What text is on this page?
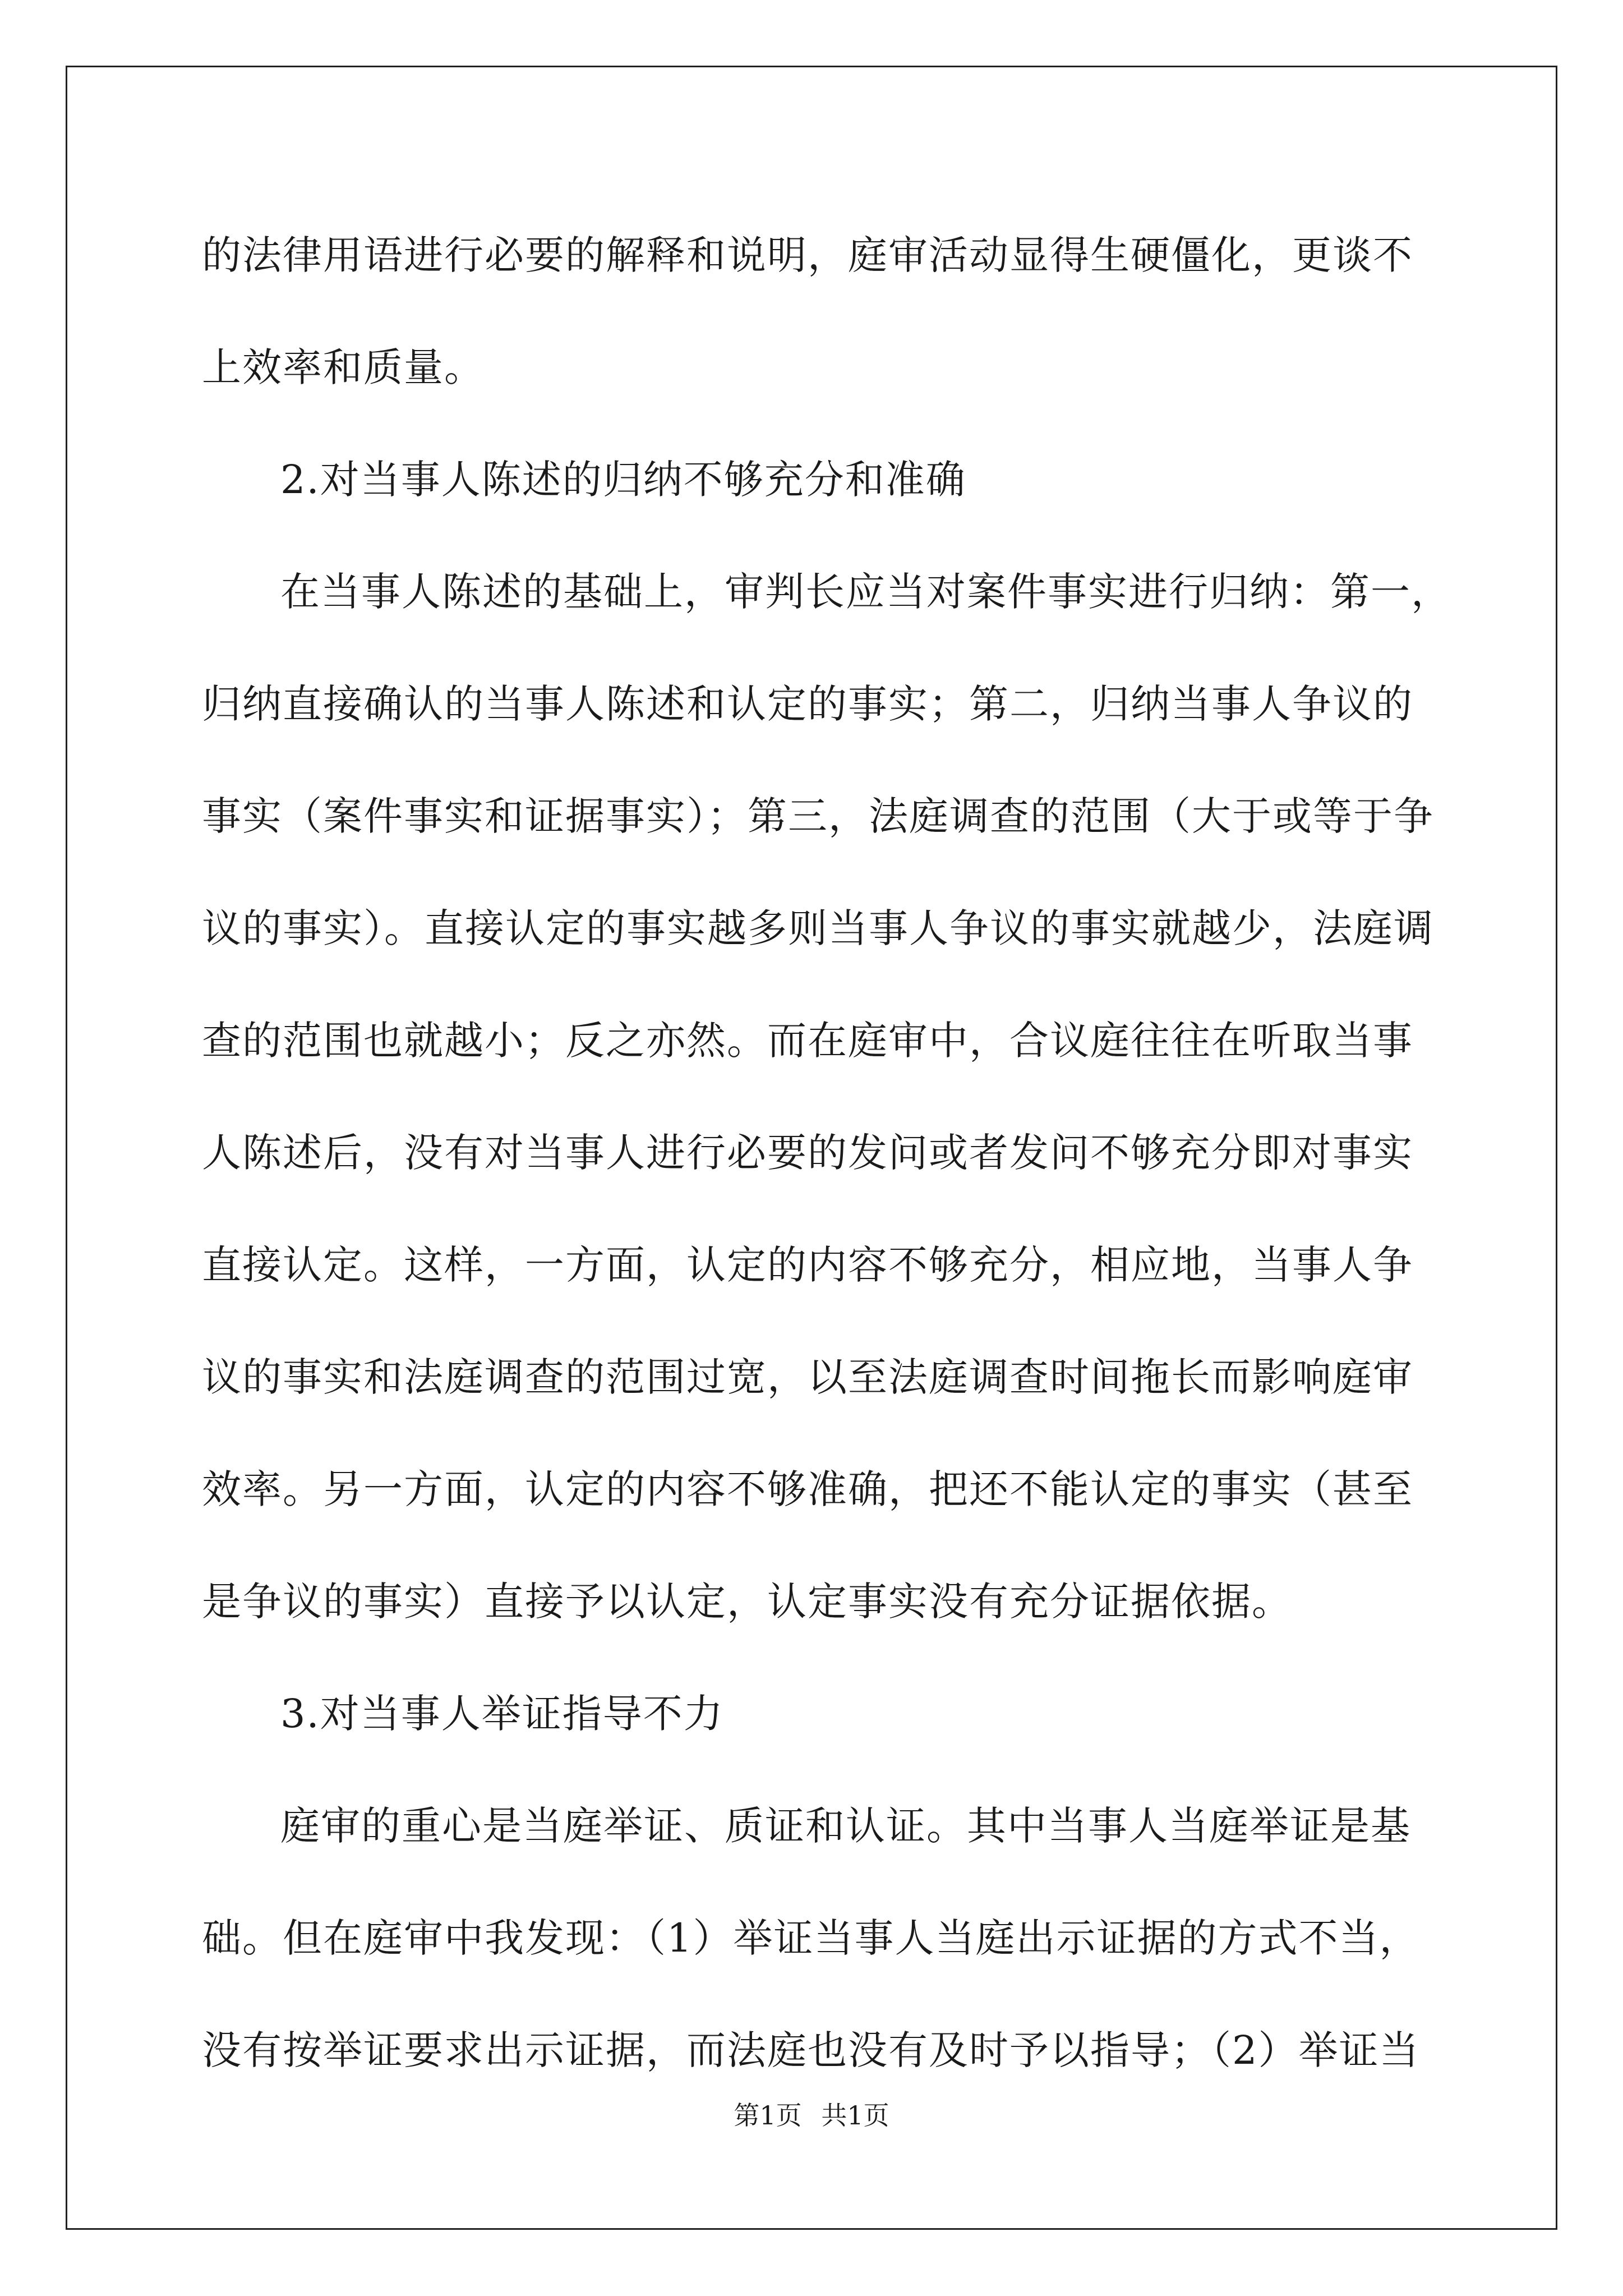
的法律用语进行必要的解释和说明，庭审活动显得生硬僵化，更谈不
上效率和质量。
2.对当事人陈述的归纳不够充分和准确
在当事人陈述的基础上，审判长应当对案件事实进行归纳：第一，
归纳直接确认的当事人陈述和认定的事实；第二，归纳当事人争议的
事实（案件事实和证据事实）；第三，法庭调查的范围（大于或等于争
议的事实）。直接认定的事实越多则当事人争议的事实就越少，法庭调
查的范围也就越小；反之亦然。而在庭审中，合议庭往往在听取当事
人陈述后，没有对当事人进行必要的发问或者发问不够充分即对事实
直接认定。这样，一方面，认定的内容不够充分，相应地，当事人争
议的事实和法庭调查的范围过宽，以至法庭调查时间拖长而影响庭审
效率。另一方面，认定的内容不够准确，把还不能认定的事实（甚至
是争议的事实）直接予以认定，认定事实没有充分证据依据。
3.对当事人举证指导不力
庭审的重心是当庭举证、质证和认证。其中当事人当庭举证是基
础。但在庭审中我发现：（1）举证当事人当庭出示证据的方式不当，
没有按举证要求出示证据，而法庭也没有及时予以指导；（2）举证当
第1页 共1页
